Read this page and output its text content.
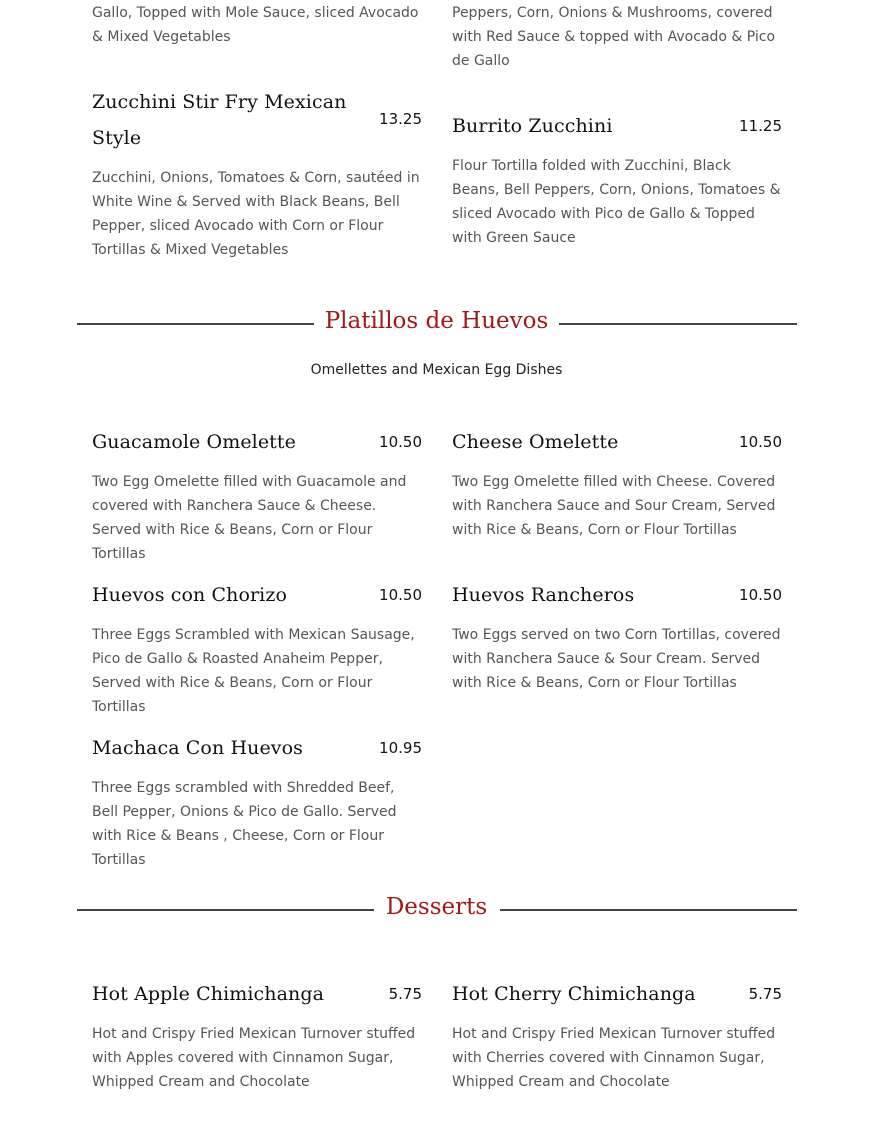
Gallo, Topped with Mole Sauce, sliced Avocado & Mixed Vegetables
Peppers, Corn, Onions & Mushrooms, covered with Red Sauce & topped with Avocado & Pico de Gallo
Zucchini Stir Fry Mexican Style
13.25
Zucchini, Onions, Tomatoes & Corn, sautéed in White Wine & Served with Black Beans, Bell Pepper, sliced Avocado with Corn or Flour Tortillas & Mixed Vegetables
Burrito Zucchini	11.25
Flour Tortilla folded with Zucchini, Black Beans, Bell Peppers, Corn, Onions, Tomatoes & sliced Avocado with Pico de Gallo & Topped with Green Sauce
Platillos de Huevos
Omellettes and Mexican Egg Dishes
Guacamole Omelette	10.50
Two Egg Omelette filled with Guacamole and covered with Ranchera Sauce & Cheese. Served with Rice & Beans, Corn or Flour Tortillas
Cheese Omelette	10.50
Two Egg Omelette filled with Cheese. Covered with Ranchera Sauce and Sour Cream, Served with Rice & Beans, Corn or Flour Tortillas
Huevos con Chorizo	10.50
Three Eggs Scrambled with Mexican Sausage, Pico de Gallo & Roasted Anaheim Pepper, Served with Rice & Beans, Corn or Flour Tortillas
Huevos Rancheros	10.50
Two Eggs served on two Corn Tortillas, covered with Ranchera Sauce & Sour Cream. Served with Rice & Beans, Corn or Flour Tortillas
Machaca Con Huevos	10.95
Three Eggs scrambled with Shredded Beef, Bell Pepper, Onions & Pico de Gallo. Served with Rice & Beans , Cheese, Corn or Flour Tortillas
Desserts
Hot Apple Chimichanga	5.75
Hot and Crispy Fried Mexican Turnover stuffed with Apples covered with Cinnamon Sugar, Whipped Cream and Chocolate
Hot Cherry Chimichanga	5.75
Hot and Crispy Fried Mexican Turnover stuffed with Cherries covered with Cinnamon Sugar, Whipped Cream and Chocolate
